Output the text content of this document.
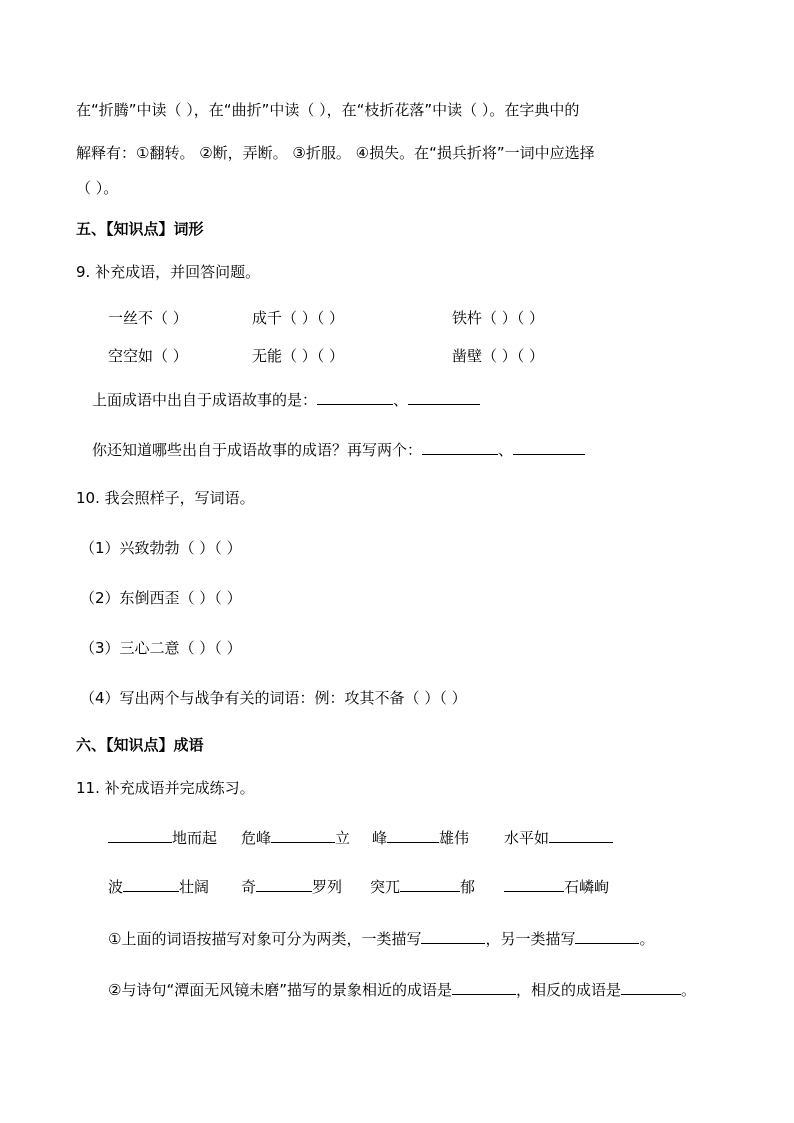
在“折腾”中读（ ），在“曲折”中读（ ），在“枝折花落”中读（ ）。在字典中的
解释有：①翻转。 ②断，弄断。 ③折服。 ④损失。在“损兵折将”一词中应选择
（ ）。
五、【知识点】词形
9. 补充成语，并回答问题。
一丝不（ ）	成千（ ）（ ）	铁杵（ ）（ ）
空空如（ ）	无能（ ）（ ）	凿壁（ ）（ ）
上面成语中出自于成语故事的是：	、
你还知道哪些出自于成语故事的成语？再写两个：	、
10. 我会照样子，写词语。
（1）兴致勃勃（ ）（ ）
（2）东倒西歪（ ）（ ）
（3）三心二意（ ）（ ）
（4）写出两个与战争有关的词语：例：攻其不备（ ）（ ）
六、【知识点】成语
11. 补充成语并完成练习。
地而起 危峰	立 峰	雄伟 水平如
波	壮阔 奇	罗列 突兀	郁	石嶙峋
①上面的词语按描写对象可分为两类，一类描写	，另一类描写	。
②与诗句“潭面无风镜未磨”描写的景象相近的成语是	，相反的成语是	。
